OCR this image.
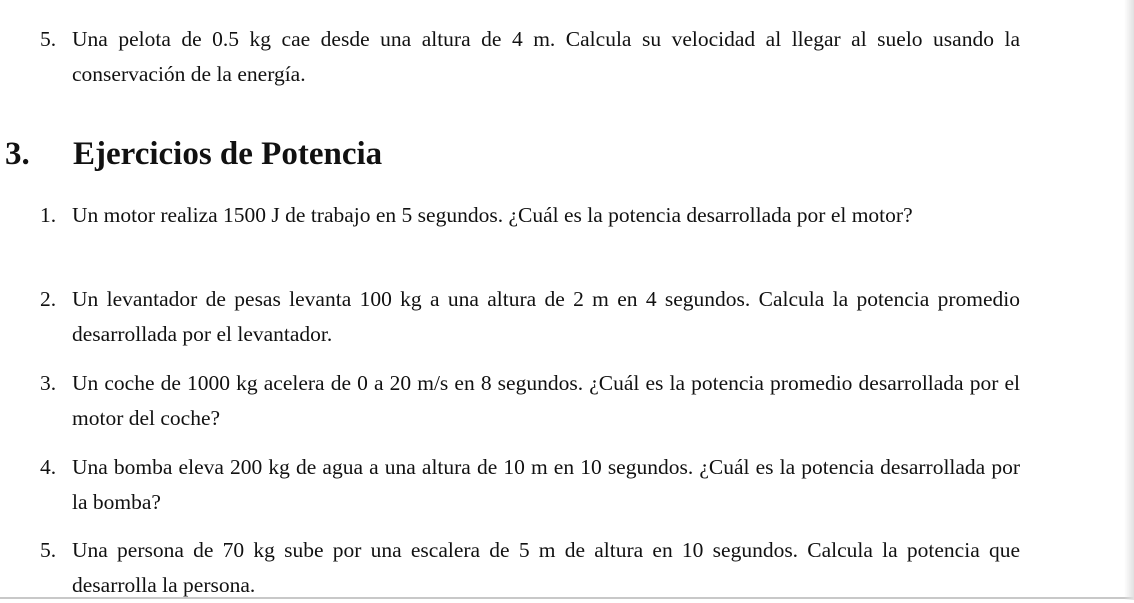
5. Una pelota de 0.5 kg cae desde una altura de 4 m. Calcula su velocidad al llegar al suelo usando la conservación de la energía.
3. Ejercicios de Potencia
1. Un motor realiza 1500 J de trabajo en 5 segundos. ¿Cuál es la potencia desarrollada por el motor?
2. Un levantador de pesas levanta 100 kg a una altura de 2 m en 4 segundos. Calcula la potencia promedio desarrollada por el levantador.
3. Un coche de 1000 kg acelera de 0 a 20 m/s en 8 segundos. ¿Cuál es la potencia promedio desarrollada por el motor del coche?
4. Una bomba eleva 200 kg de agua a una altura de 10 m en 10 segundos. ¿Cuál es la potencia desarrollada por la bomba?
5. Una persona de 70 kg sube por una escalera de 5 m de altura en 10 segundos. Calcula la potencia que desarrolla la persona.
